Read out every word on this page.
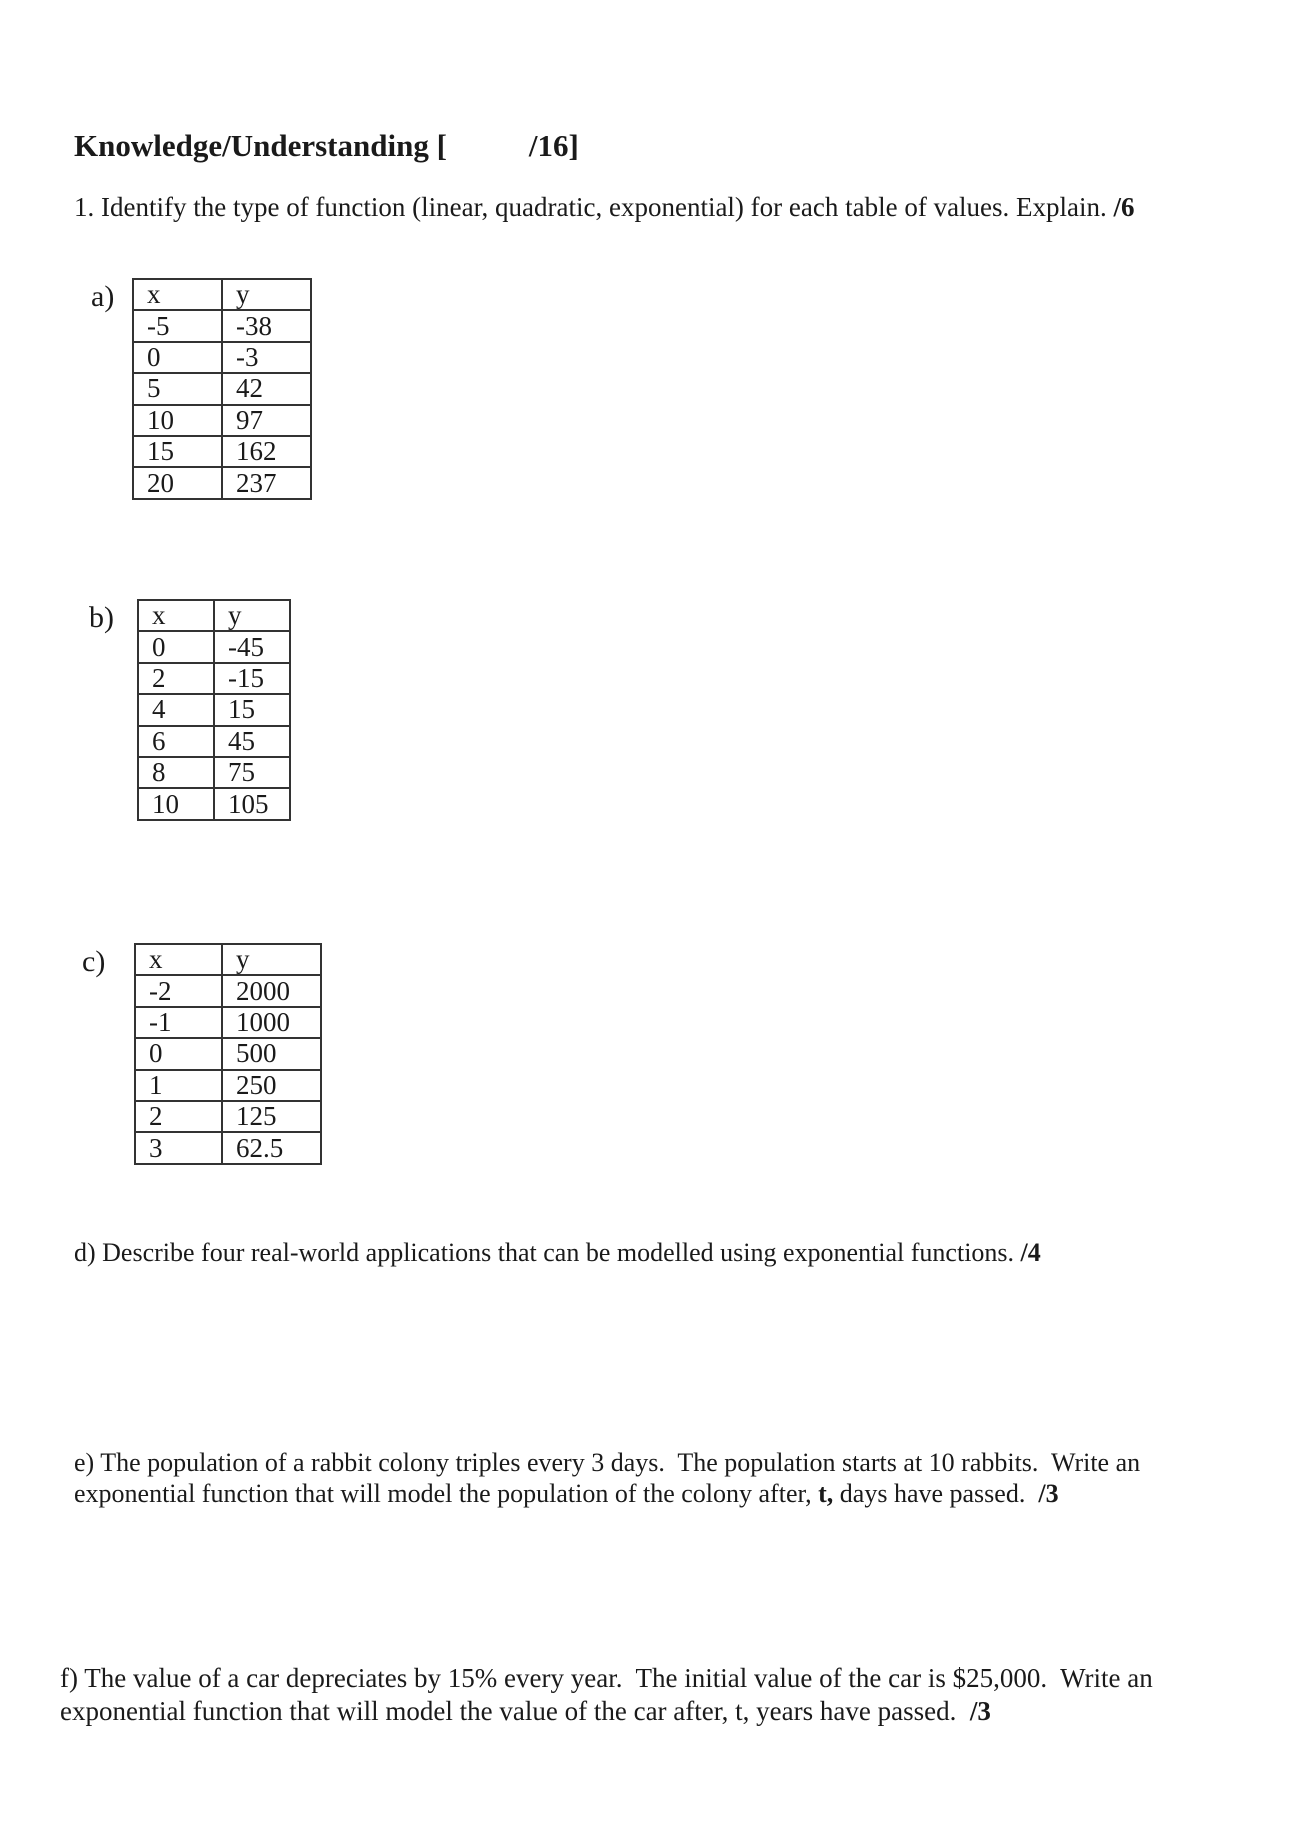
Knowledge/Understanding [	/16]
1. Identify the type of function (linear, quadratic, exponential) for each table of values. Explain. /6
a) x	y
-5	-38
0	-3
5	42
10	97
15	162
20	237
b) x	y
0	-45
2	-15
4	15
6	45
8	75
10	105
c) x	y
-2	2000
-1	1000
0	500
1	250
2	125
3	62.5
d) Describe four real-world applications that can be modelled using exponential functions. /4
e) The population of a rabbit colony triples every 3 days.  The population starts at 10 rabbits.  Write an
exponential function that will model the population of the colony after, t, days have passed. /3
f) The value of a car depreciates by 15% every year.  The initial value of the car is $25,000.  Write an
exponential function that will model the value of the car after, t, years have passed. /3
